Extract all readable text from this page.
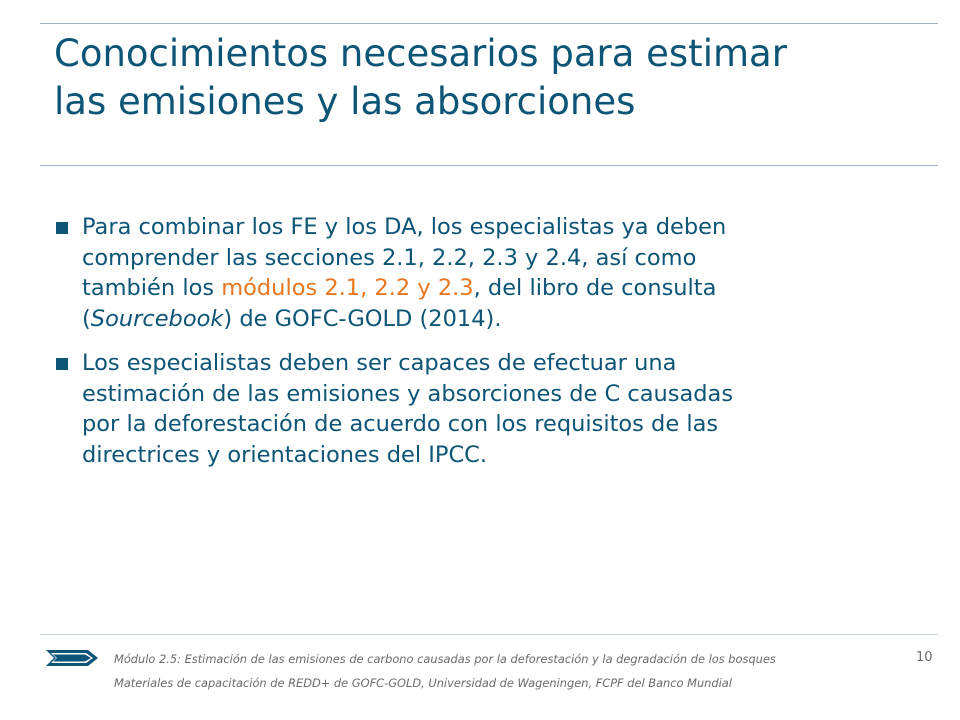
Conocimientos necesarios para estimar
las emisiones y las absorciones
Para combinar los FE y los DA, los especialistas ya deben
comprender las secciones 2.1, 2.2, 2.3 y 2.4, así como
también los módulos 2.1, 2.2 y 2.3, del libro de consulta
(Sourcebook) de GOFC-GOLD (2014).
Los especialistas deben ser capaces de efectuar una
estimación de las emisiones y absorciones de C causadas
por la deforestación de acuerdo con los requisitos de las
directrices y orientaciones del IPCC.
Módulo 2.5: Estimación de las emisiones de carbono causadas por la deforestación y la degradación de los bosques	10
Materiales de capacitación de REDD+ de GOFC-GOLD, Universidad de Wageningen, FCPF del Banco Mundial
